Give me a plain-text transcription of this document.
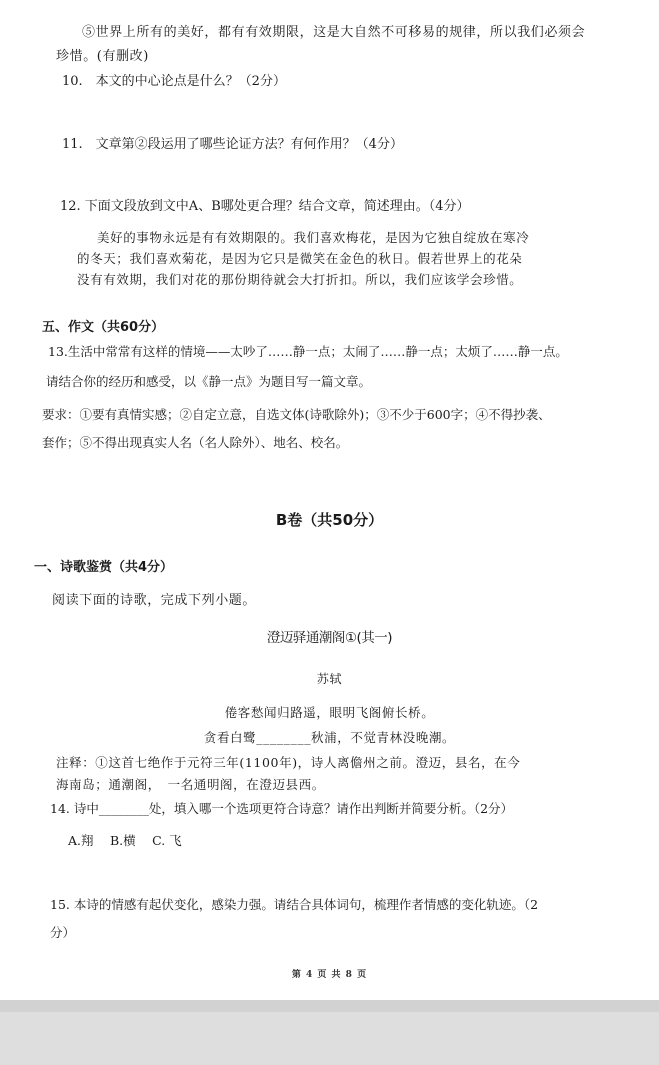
⑤世界上所有的美好，都有有效期限，这是大自然不可移易的规律，所以我们必须会
珍惜。(有删改)
10.　本文的中心论点是什么？（2分）
11.　文章第②段运用了哪些论证方法？有何作用？（4分）
12. 下面文段放到文中A、B哪处更合理？结合文章，简述理由。（4分）
美好的事物永远是有有效期限的。我们喜欢梅花，是因为它独自绽放在寒冷
的冬天；我们喜欢菊花，是因为它只是微笑在金色的秋日。假若世界上的花朵
没有有效期，我们对花的那份期待就会大打折扣。所以，我们应该学会珍惜。
五、作文（共60分）
13.生活中常常有这样的情境——太吵了……静一点；太闹了……静一点；太烦了……静一点。
请结合你的经历和感受，以《静一点》为题目写一篇文章。
要求：①要有真情实感；②自定立意，自选文体(诗歌除外)；③不少于600字；④不得抄袭、
套作；⑤不得出现真实人名（名人除外）、地名、校名。
B卷（共50分）
一、诗歌鉴赏（共4分）
阅读下面的诗歌，完成下列小题。
澄迈驿通潮阁①(其一)
苏轼
倦客愁闻归路遥，眼明飞阁俯长桥。
贪看白鹭________秋浦，不觉青林没晚潮。
注释：①这首七绝作于元符三年(1100年)，诗人离儋州之前。澄迈，县名，在今
海南岛；通潮阁，　一名通明阁，在澄迈县西。
14. 诗中________处，填入哪一个选项更符合诗意？请作出判断并简要分析。（2分）
A.翔　 B.横　 C. 飞
15. 本诗的情感有起伏变化，感染力强。请结合具体词句，梳理作者情感的变化轨迹。（2
分）
第 4 页 共 8 页
